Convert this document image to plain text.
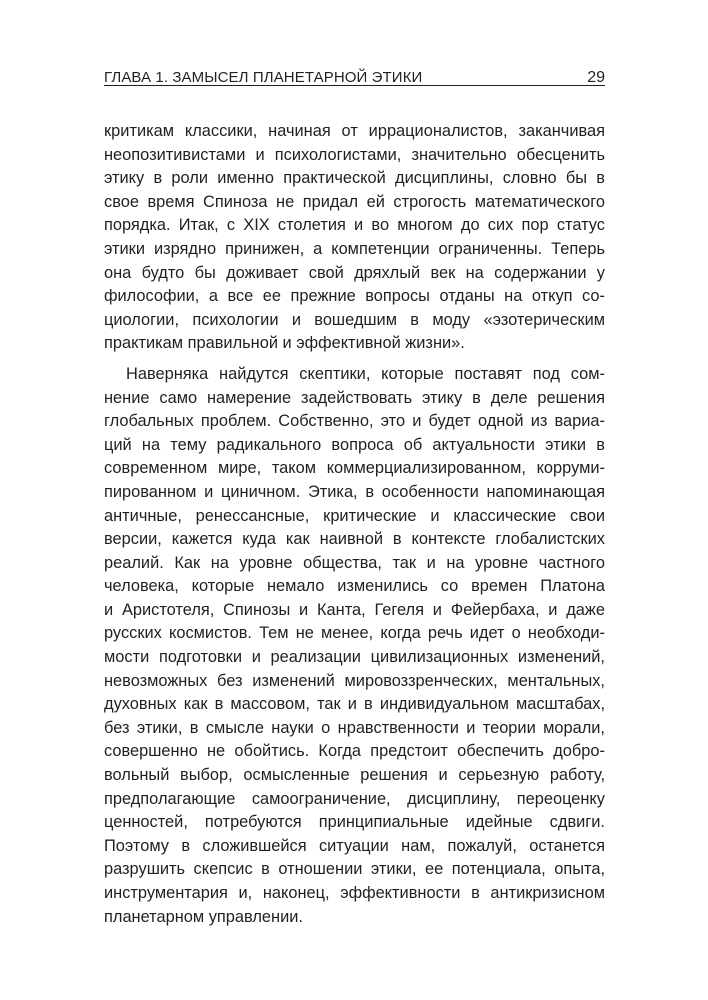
ГЛАВА 1. ЗАМЫСЕЛ ПЛАНЕТАРНОЙ ЭТИКИ	29
критикам классики, начиная от иррационалистов, заканчивая
неопозитивистами и психологистами, значительно обесценить
этику в роли именно практической дисциплины, словно бы в
свое время Спиноза не придал ей строгость математического
порядка. Итак, с XIX столетия и во многом до сих пор статус
этики изрядно принижен, а компетенции ограниченны. Теперь
она будто бы доживает свой дряхлый век на содержании у
философии, а все ее прежние вопросы отданы на откуп со-
циологии, психологии и вошедшим в моду «эзотерическим
практикам правильной и эффективной жизни».
Наверняка найдутся скептики, которые поставят под сом-
нение само намерение задействовать этику в деле решения
глобальных проблем. Собственно, это и будет одной из вариа-
ций на тему радикального вопроса об актуальности этики в
современном мире, таком коммерциализированном, корруми-
пированном и циничном. Этика, в особенности напоминающая
античные, ренессансные, критические и классические свои
версии, кажется куда как наивной в контексте глобалистских
реалий. Как на уровне общества, так и на уровне частного
человека, которые немало изменились со времен Платона
и Аристотеля, Спинозы и Канта, Гегеля и Фейербаха, и даже
русских космистов. Тем не менее, когда речь идет о необходи-
мости подготовки и реализации цивилизационных изменений,
невозможных без изменений мировоззренческих, ментальных,
духовных как в массовом, так и в индивидуальном масштабах,
без этики, в смысле науки о нравственности и теории морали,
совершенно не обойтись. Когда предстоит обеспечить добро-
вольный выбор, осмысленные решения и серьезную работу,
предполагающие самоограничение, дисциплину, переоценку
ценностей, потребуются принципиальные идейные сдвиги.
Поэтому в сложившейся ситуации нам, пожалуй, останется
разрушить скепсис в отношении этики, ее потенциала, опыта,
инструментария и, наконец, эффективности в антикризисном
планетарном управлении.
